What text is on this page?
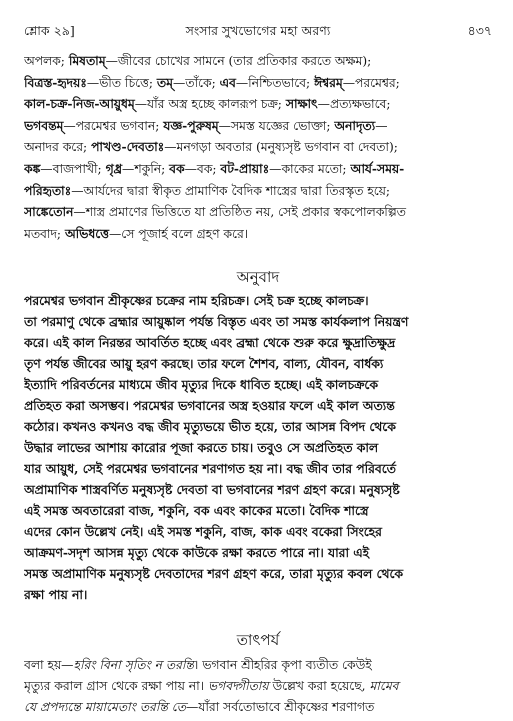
শ্লোক ২৯]	সংসার সুখভোগের মহা অরণ্য	৪৩৭
অপলক; মিষতাম্—জীবের চোখের সামনে (তার প্রতিকার করতে অক্ষম);
বিত্রস্ত-হৃদয়ঃ—ভীত চিত্তে; তম্—তাঁকে; এব—নিশ্চিতভাবে; ঈশ্বরম্—পরমেশ্বর;
কাল-চক্র-নিজ-আয়ুধম্—যাঁর অস্ত্র হচ্ছে কালরূপ চক্র; সাক্ষাৎ—প্রত্যক্ষভাবে;
ভগবন্তম্—পরমেশ্বর ভগবান; যজ্ঞ-পুরুষম্—সমস্ত যজ্ঞের ভোক্তা; অনাদৃত্য—
অনাদর করে; পাখণ্ড-দেবতাঃ—মনগড়া অবতার (মনুষ্যসৃষ্ট ভগবান বা দেবতা);
কঙ্ক—বাজপাখী; গৃধ্র—শকুনি; বক—বক; বট-প্রায়াঃ—কাকের মতো; আর্য-সময়-
পরিহৃতাঃ—আর্যদের দ্বারা স্বীকৃত প্রামাণিক বৈদিক শাস্ত্রের দ্বারা তিরস্কৃত হয়ে;
সাঙ্কেতোন—শাস্ত্র প্রমাণের ভিত্তিতে যা প্রতিষ্ঠিত নয়, সেই প্রকার স্বকপোলকল্পিত
মতবাদ; অভিধত্তে—সে পূজার্হ বলে গ্রহণ করে।
অনুবাদ
পরমেশ্বর ভগবান শ্রীকৃষ্ণের চক্রের নাম হরিচক্র। সেই চক্র হচ্ছে কালচক্র।
তা পরমাণু থেকে ব্রহ্মার আয়ুষ্কাল পর্যন্ত বিস্তৃত এবং তা সমস্ত কার্যকলাপ নিয়ন্ত্রণ
করে। এই কাল নিরন্তর আবর্তিত হচ্ছে এবং ব্রহ্মা থেকে শুরু করে ক্ষুদ্রাতিক্ষুদ্র
তৃণ পর্যন্ত জীবের আয়ু হরণ করছে। তার ফলে শৈশব, বাল্য, যৌবন, বার্ধক্য
ইত্যাদি পরিবর্তনের মাধ্যমে জীব মৃত্যুর দিকে ধাবিত হচ্ছে। এই কালচক্রকে
প্রতিহত করা অসম্ভব। পরমেশ্বর ভগবানের অস্ত্র হওয়ার ফলে এই কাল অত্যন্ত
কঠোর। কখনও কখনও বদ্ধ জীব মৃত্যুভয়ে ভীত হয়ে, তার আসন্ন বিপদ থেকে
উদ্ধার লাভের আশায় কারোর পূজা করতে চায়। তবুও সে অপ্রতিহত কাল
যার আয়ুধ, সেই পরমেশ্বর ভগবানের শরণাগত হয় না। বদ্ধ জীব তার পরিবর্তে
অপ্রামাণিক শাস্ত্রবর্ণিত মনুষ্যসৃষ্ট দেবতা বা ভগবানের শরণ গ্রহণ করে। মনুষ্যসৃষ্ট
এই সমস্ত অবতারেরা বাজ, শকুনি, বক এবং কাকের মতো। বৈদিক শাস্ত্রে
এদের কোন উল্লেখ নেই। এই সমস্ত শকুনি, বাজ, কাক এবং বকেরা সিংহের
আক্রমণ-সদৃশ আসন্ন মৃত্যু থেকে কাউকে রক্ষা করতে পারে না। যারা এই
সমস্ত অপ্রামাণিক মনুষ্যসৃষ্ট দেবতাদের শরণ গ্রহণ করে, তারা মৃত্যুর কবল থেকে
রক্ষা পায় না।
তাৎপর্য
বলা হয়—হরিং বিনা সৃতিং ন তরন্তি। ভগবান শ্রীহরির কৃপা ব্যতীত কেউই
মৃত্যুর করাল গ্রাস থেকে রক্ষা পায় না। ভগবদ্গীতায় উল্লেখ করা হয়েছে, মামেব
যে প্রপদ্যন্তে মায়ামেতাং তরন্তি তে—যাঁরা সর্বতোভাবে শ্রীকৃষ্ণের শরণাগত
